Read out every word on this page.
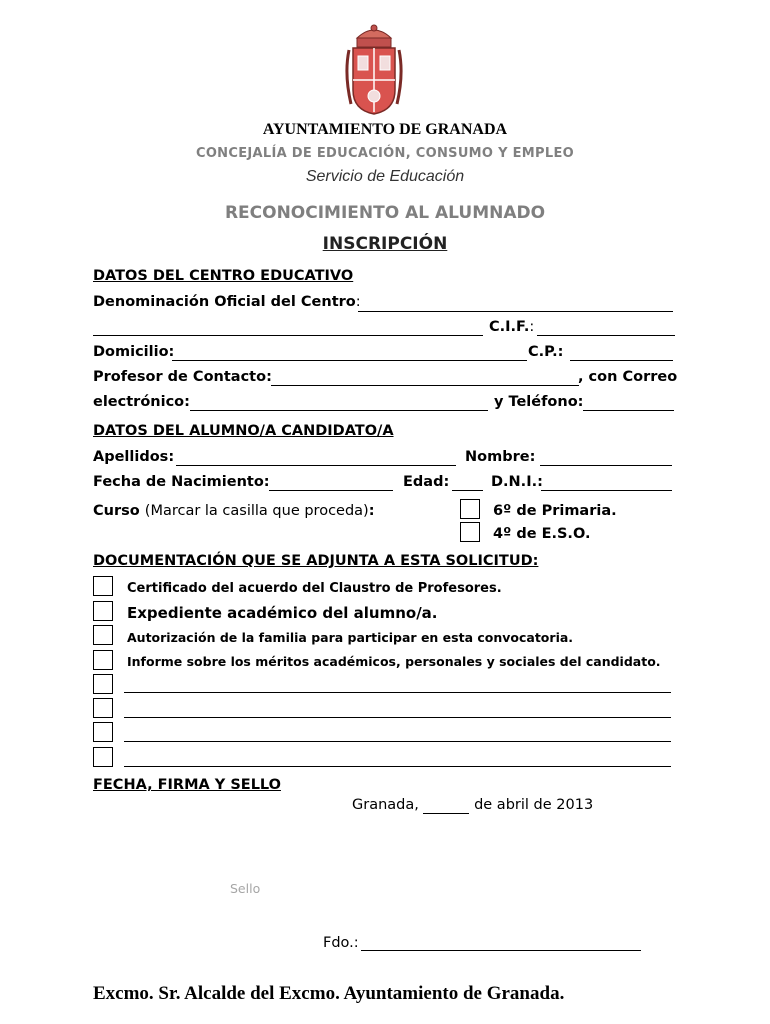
AYUNTAMIENTO DE GRANADA
CONCEJALÍA DE EDUCACIÓN, CONSUMO Y EMPLEO
Servicio de Educación
RECONOCIMIENTO AL ALUMNADO
INSCRIPCIÓN
DATOS DEL CENTRO EDUCATIVO
Denominación Oficial del Centro:
C.I.F.:
Domicilio:	C.P.:
Profesor de Contacto:	, con Correo
electrónico:	y Teléfono:
DATOS DEL ALUMNO/A CANDIDATO/A
Apellidos:	Nombre:
Fecha de Nacimiento:	Edad:	D.N.I.:
Curso (Marcar la casilla que proceda):	6º de Primaria.
4º de E.S.O.
DOCUMENTACIÓN QUE SE ADJUNTA A ESTA SOLICITUD:
Certificado del acuerdo del Claustro de Profesores.
Expediente académico del alumno/a.
Autorización de la familia para participar en esta convocatoria.
Informe sobre los méritos académicos, personales y sociales del candidato.
FECHA, FIRMA Y SELLO
Granada,	de abril de 2013
Sello
Fdo.:
Excmo. Sr. Alcalde del Excmo. Ayuntamiento de Granada.
